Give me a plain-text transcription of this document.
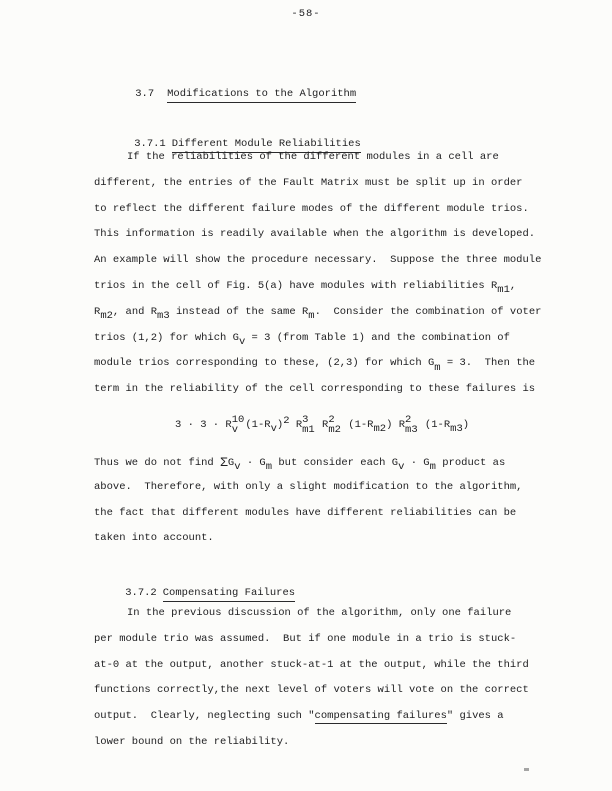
-58-

3.7 Modifications to the Algorithm

3.7.1 Different Module Reliabilities

If the reliabilities of the different modules in a cell are
different, the entries of the Fault Matrix must be split up in order
to reflect the different failure modes of the different module trios.
This information is readily available when the algorithm is developed.
An example will show the procedure necessary.  Suppose the three module
trios in the cell of Fig. 5(a) have modules with reliabilities Rm1,
Rm2, and Rm3 instead of the same Rm.  Consider the combination of voter
trios (1,2) for which Gv = 3 (from Table 1) and the combination of
module trios corresponding to these, (2,3) for which Gm = 3.  Then the
term in the reliability of the cell corresponding to these failures is
3 · 3 · R 10
v (1-R v ) 2
R 3
m1
R 2
m2 (1-R m2 ) R 2
m3 (1-R m3 )
Thus we do not find ΣGv · Gm but consider each Gv · Gm product as
above.  Therefore, with only a slight modification to the algorithm,
the fact that different modules have different reliabilities can be
taken into account.

3.7.2 Compensating Failures

In the previous discussion of the algorithm, only one failure
per module trio was assumed.  But if one module in a trio is stuck-
at-0 at the output, another stuck-at-1 at the output, while the third
functions correctly,the next level of voters will vote on the correct
output.  Clearly, neglecting such "compensating failures" gives a
lower bound on the reliability.
